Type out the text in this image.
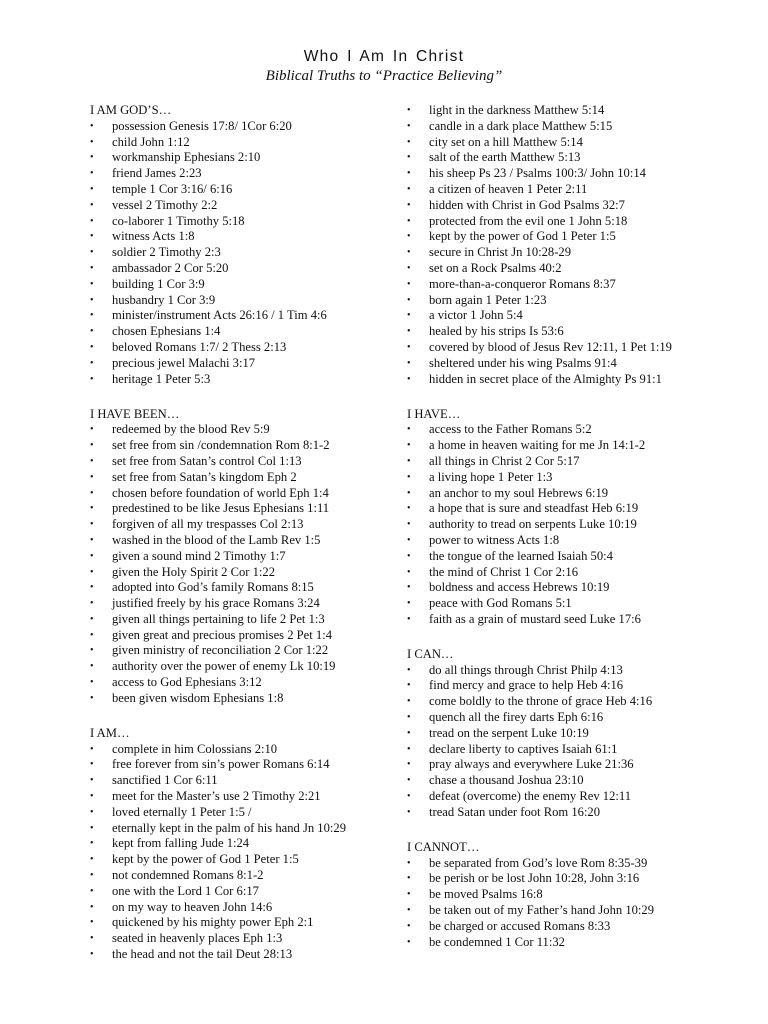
Who I Am In Christ
Biblical Truths to “Practice Believing”
I AM GOD’S…
• possession Genesis 17:8/ 1Cor 6:20
• child John 1:12
• workmanship Ephesians 2:10
• friend James 2:23
• temple 1 Cor 3:16/ 6:16
• vessel 2 Timothy 2:2
• co-laborer 1 Timothy 5:18
• witness Acts 1:8
• soldier 2 Timothy 2:3
• ambassador 2 Cor 5:20
• building 1 Cor 3:9
• husbandry 1 Cor 3:9
• minister/instrument Acts 26:16 / 1 Tim 4:6
• chosen Ephesians 1:4
• beloved Romans 1:7/ 2 Thess 2:13
• precious jewel Malachi 3:17
• heritage 1 Peter 5:3
I HAVE BEEN…
• redeemed by the blood Rev 5:9
• set free from sin /condemnation Rom 8:1-2
• set free from Satan’s control Col 1:13
• set free from Satan’s kingdom Eph 2
• chosen before foundation of world Eph 1:4
• predestined to be like Jesus Ephesians 1:11
• forgiven of all my trespasses Col 2:13
• washed in the blood of the Lamb Rev 1:5
• given a sound mind 2 Timothy 1:7
• given the Holy Spirit 2 Cor 1:22
• adopted into God’s family Romans 8:15
• justified freely by his grace Romans 3:24
• given all things pertaining to life 2 Pet 1:3
• given great and precious promises 2 Pet 1:4
• given ministry of reconciliation 2 Cor 1:22
• authority over the power of enemy Lk 10:19
• access to God Ephesians 3:12
• been given wisdom Ephesians 1:8
I AM…
• complete in him Colossians 2:10
• free forever from sin’s power Romans 6:14
• sanctified 1 Cor 6:11
• meet for the Master’s use 2 Timothy 2:21
• loved eternally 1 Peter 1:5 /
• eternally kept in the palm of his hand Jn 10:29
• kept from falling Jude 1:24
• kept by the power of God 1 Peter 1:5
• not condemned Romans 8:1-2
• one with the Lord 1 Cor 6:17
• on my way to heaven John 14:6
• quickened by his mighty power Eph 2:1
• seated in heavenly places Eph 1:3
• the head and not the tail Deut 28:13
• light in the darkness Matthew 5:14
• candle in a dark place Matthew 5:15
• city set on a hill Matthew 5:14
• salt of the earth Matthew 5:13
• his sheep Ps 23 / Psalms 100:3/ John 10:14
• a citizen of heaven 1 Peter 2:11
• hidden with Christ in God Psalms 32:7
• protected from the evil one 1 John 5:18
• kept by the power of God 1 Peter 1:5
• secure in Christ Jn 10:28-29
• set on a Rock Psalms 40:2
• more-than-a-conqueror Romans 8:37
• born again 1 Peter 1:23
• a victor 1 John 5:4
• healed by his strips Is 53:6
• covered by blood of Jesus Rev 12:11, 1 Pet 1:19
• sheltered under his wing Psalms 91:4
• hidden in secret place of the Almighty Ps 91:1
I HAVE…
• access to the Father Romans 5:2
• a home in heaven waiting for me Jn 14:1-2
• all things in Christ 2 Cor 5:17
• a living hope 1 Peter 1:3
• an anchor to my soul Hebrews 6:19
• a hope that is sure and steadfast Heb 6:19
• authority to tread on serpents Luke 10:19
• power to witness Acts 1:8
• the tongue of the learned Isaiah 50:4
• the mind of Christ 1 Cor 2:16
• boldness and access Hebrews 10:19
• peace with God Romans 5:1
• faith as a grain of mustard seed Luke 17:6
I CAN…
• do all things through Christ Philp 4:13
• find mercy and grace to help Heb 4:16
• come boldly to the throne of grace Heb 4:16
• quench all the firey darts Eph 6:16
• tread on the serpent Luke 10:19
• declare liberty to captives Isaiah 61:1
• pray always and everywhere Luke 21:36
• chase a thousand Joshua 23:10
• defeat (overcome) the enemy Rev 12:11
• tread Satan under foot Rom 16:20
I CANNOT…
• be separated from God’s love Rom 8:35-39
• be perish or be lost John 10:28, John 3:16
• be moved Psalms 16:8
• be taken out of my Father’s hand John 10:29
• be charged or accused Romans 8:33
• be condemned 1 Cor 11:32
